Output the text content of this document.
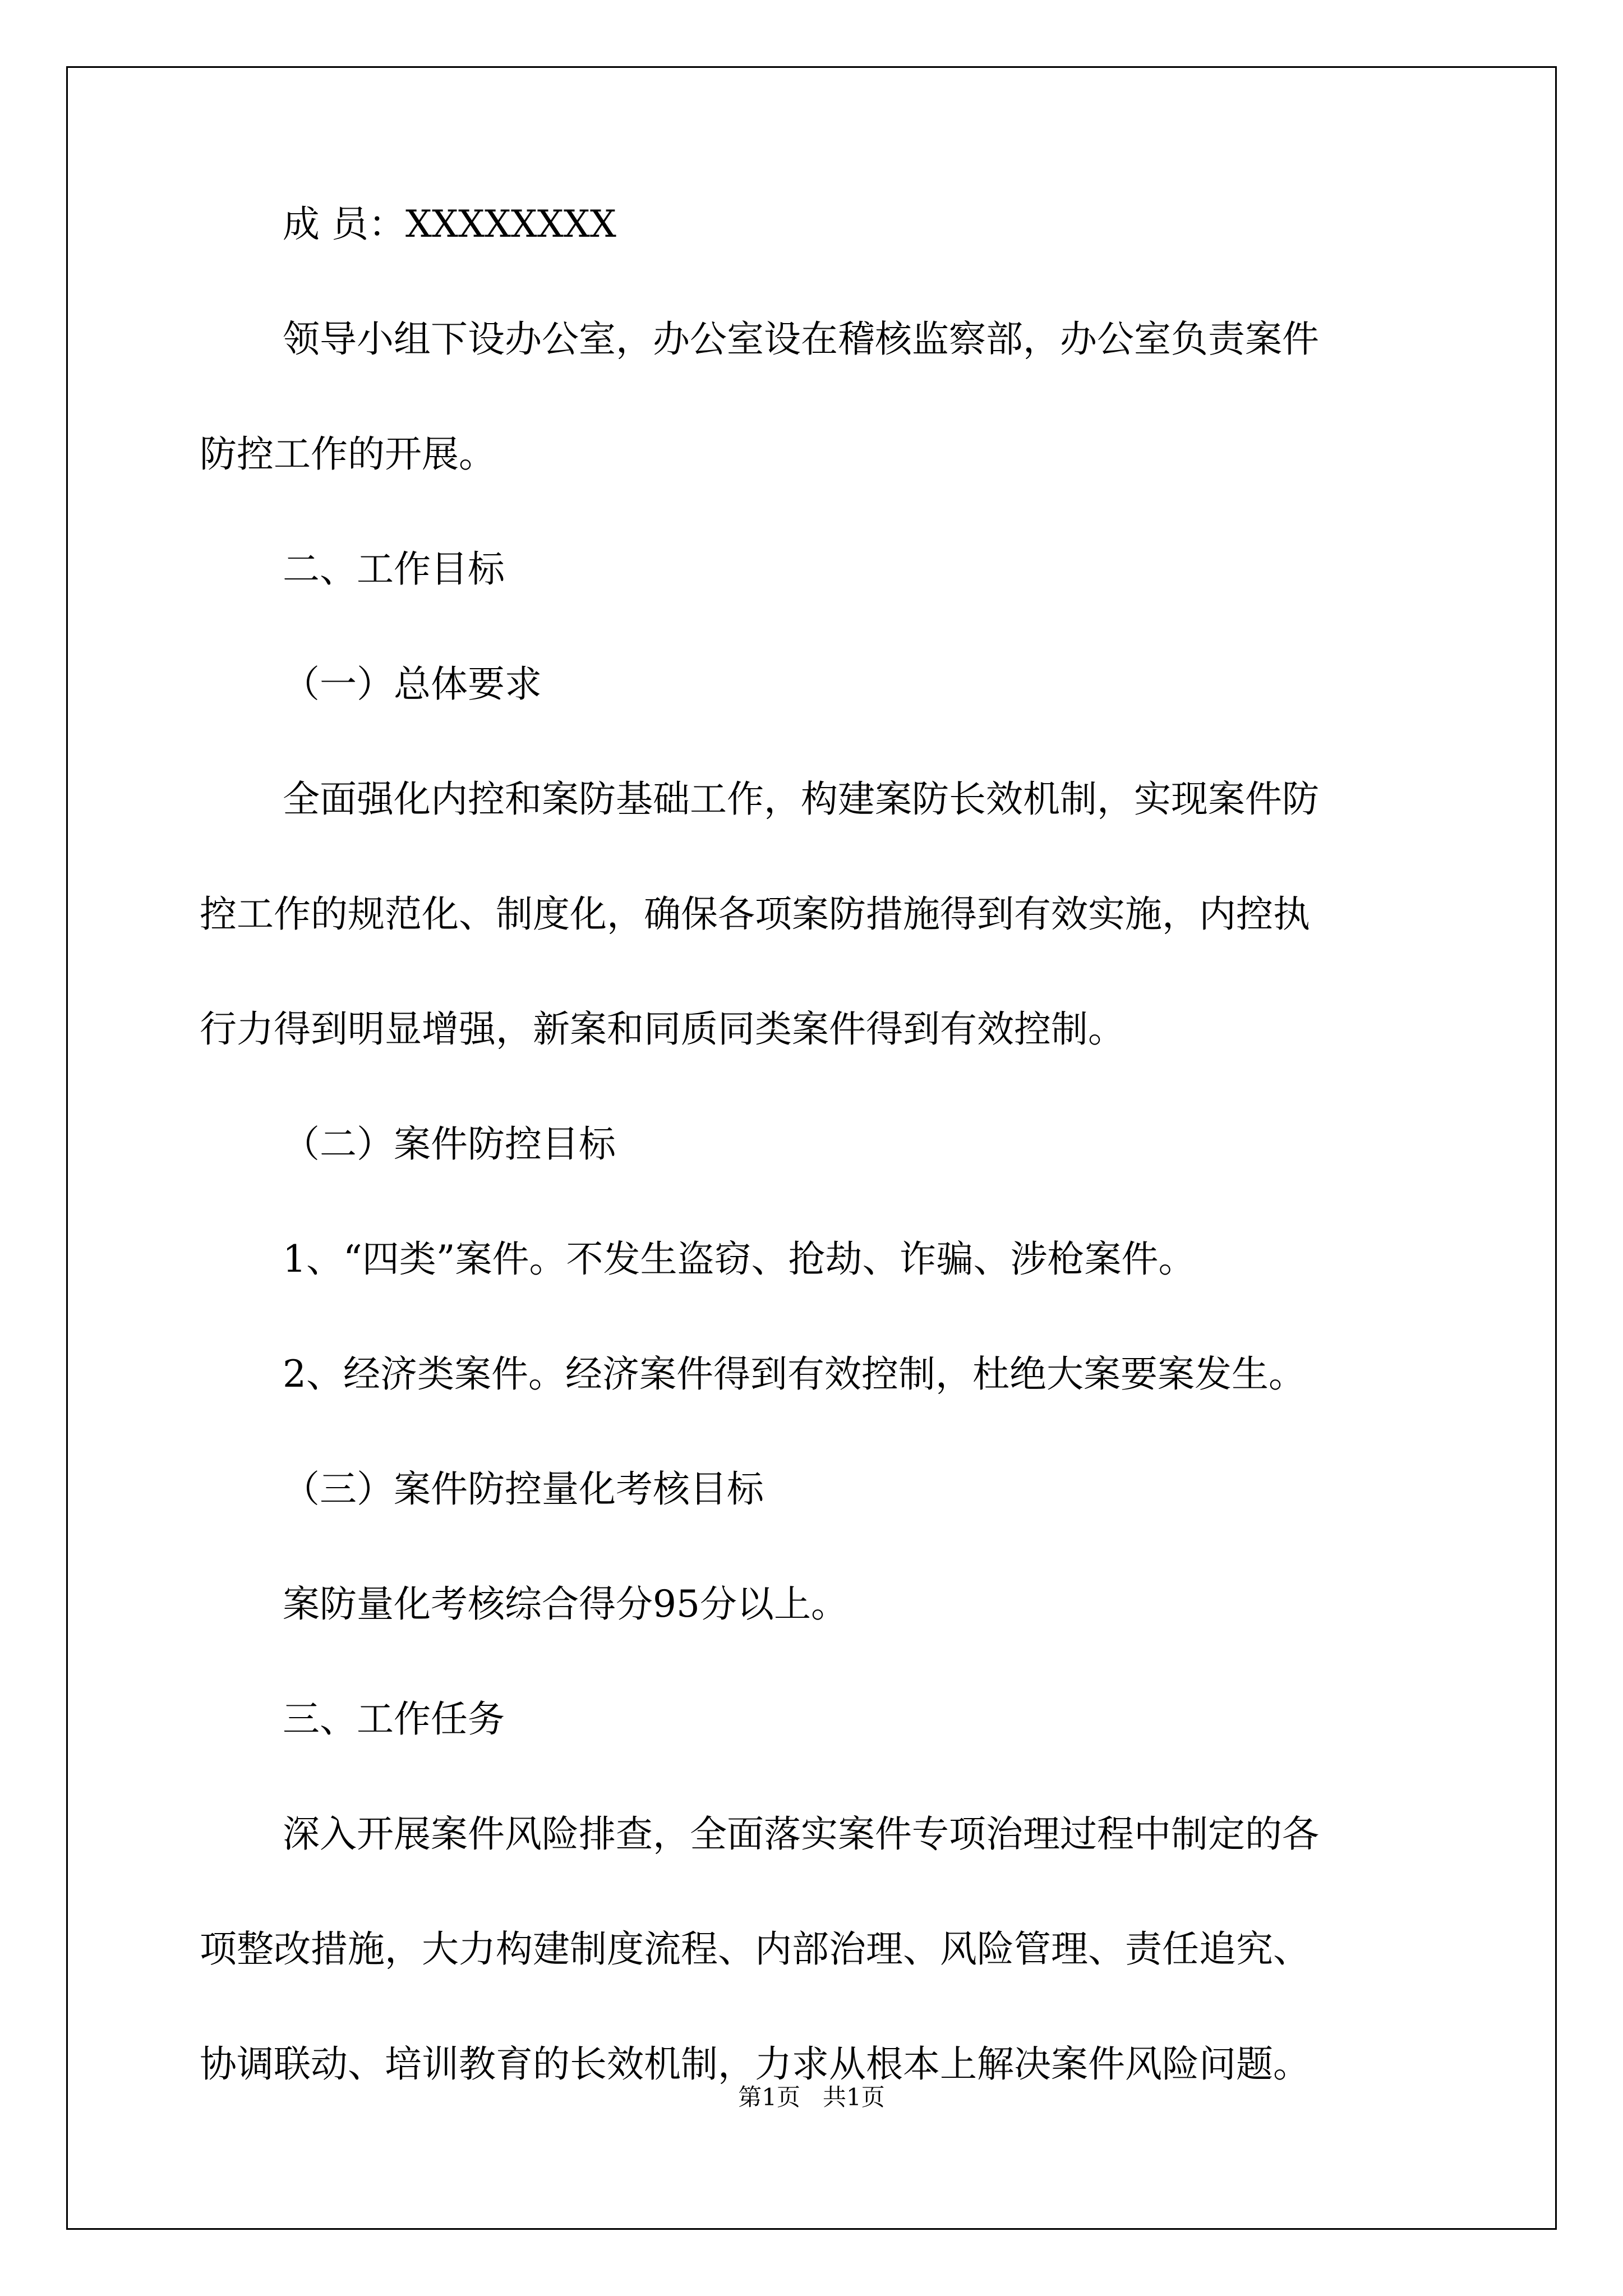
成 员：XXXXXXXX
领导小组下设办公室，办公室设在稽核监察部，办公室负责案件
防控工作的开展。
二、工作目标
（一）总体要求
全面强化内控和案防基础工作，构建案防长效机制，实现案件防
控工作的规范化、制度化，确保各项案防措施得到有效实施，内控执
行力得到明显增强，新案和同质同类案件得到有效控制。
（二）案件防控目标
1、“四类”案件。不发生盗窃、抢劫、诈骗、涉枪案件。
2、经济类案件。经济案件得到有效控制，杜绝大案要案发生。
（三）案件防控量化考核目标
案防量化考核综合得分95分以上。
三、工作任务
深入开展案件风险排查，全面落实案件专项治理过程中制定的各
项整改措施，大力构建制度流程、内部治理、风险管理、责任追究、
协调联动、培训教育的长效机制，力求从根本上解决案件风险问题。
第1页   共1页
